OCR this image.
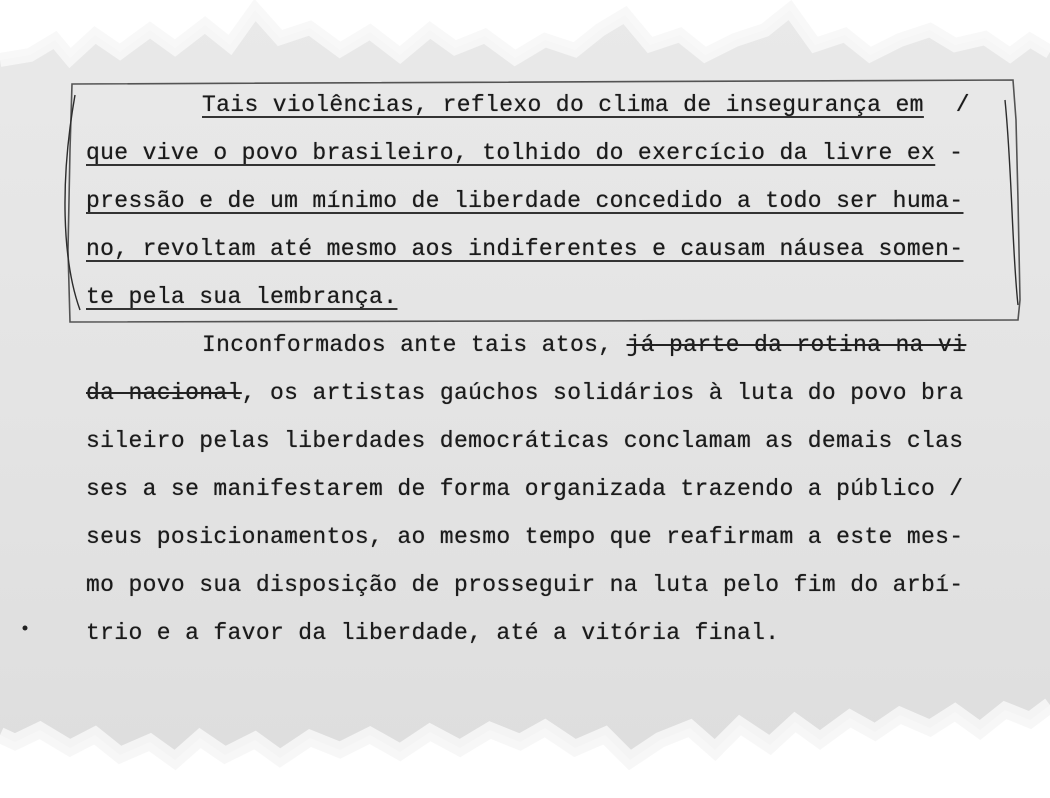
Tais violências, reflexo do clima de insegurança em /
que vive o povo brasileiro, tolhido do exercício da livre ex -
pressão e de um mínimo de liberdade concedido a todo ser huma-
no, revoltam até mesmo aos indiferentes e causam náusea somen-
te pela sua lembrança.
Inconformados ante tais atos, já parte da rotina na vi
da nacional, os artistas gaúchos solidários à luta do povo bra
sileiro pelas liberdades democráticas conclamam as demais clas
ses a se manifestarem de forma organizada trazendo a público /
seus posicionamentos, ao mesmo tempo que reafirmam a este mes-
mo povo sua disposição de prosseguir na luta pelo fim do arbí-
trio e a favor da liberdade, até a vitória final.
